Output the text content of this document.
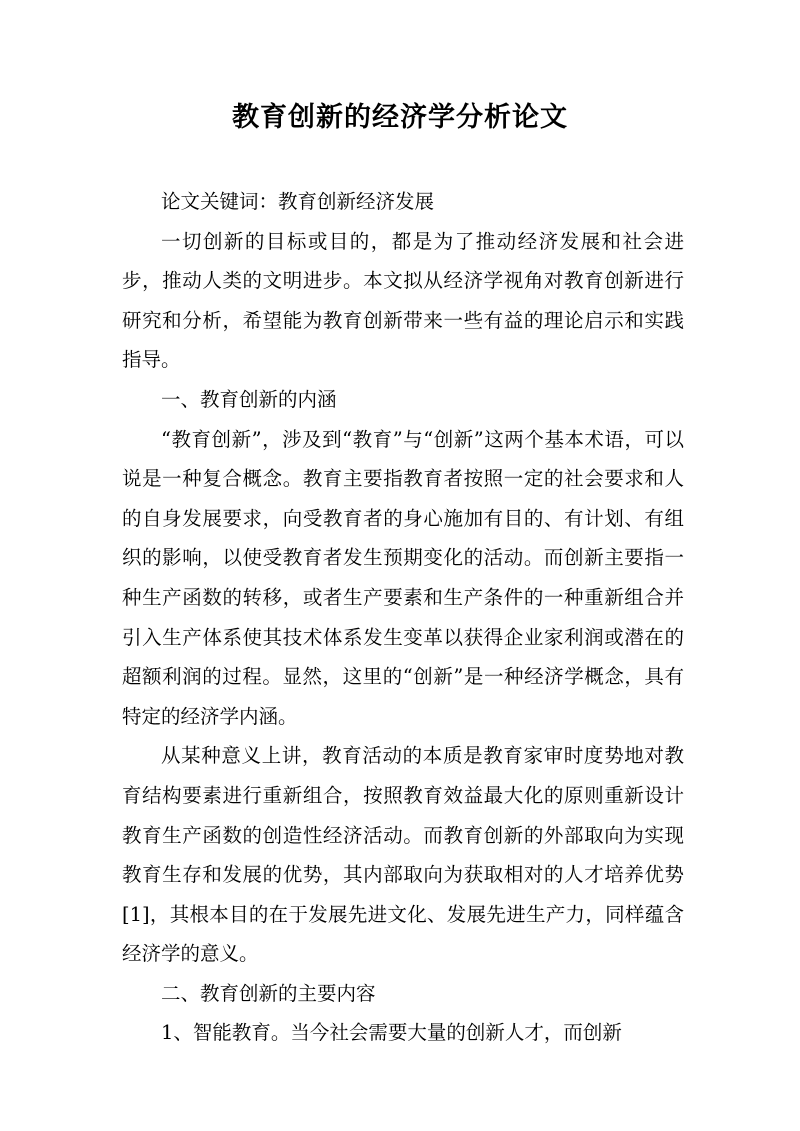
教育创新的经济学分析论文

论文关键词：教育创新经济发展

一切创新的目标或目的，都是为了推动经济发展和社会进步，推动人类的文明进步。本文拟从经济学视角对教育创新进行研究和分析，希望能为教育创新带来一些有益的理论启示和实践指导。

一、教育创新的内涵

“教育创新”，涉及到“教育”与“创新”这两个基本术语，可以说是一种复合概念。教育主要指教育者按照一定的社会要求和人的自身发展要求，向受教育者的身心施加有目的、有计划、有组织的影响，以使受教育者发生预期变化的活动。而创新主要指一种生产函数的转移，或者生产要素和生产条件的一种重新组合并引入生产体系使其技术体系发生变革以获得企业家利润或潜在的超额利润的过程。显然，这里的“创新”是一种经济学概念，具有特定的经济学内涵。

从某种意义上讲，教育活动的本质是教育家审时度势地对教育结构要素进行重新组合，按照教育效益最大化的原则重新设计教育生产函数的创造性经济活动。而教育创新的外部取向为实现教育生存和发展的优势，其内部取向为获取相对的人才培养优势[1]，其根本目的在于发展先进文化、发展先进生产力，同样蕴含经济学的意义。

二、教育创新的主要内容

1、智能教育。当今社会需要大量的创新人才，而创新
